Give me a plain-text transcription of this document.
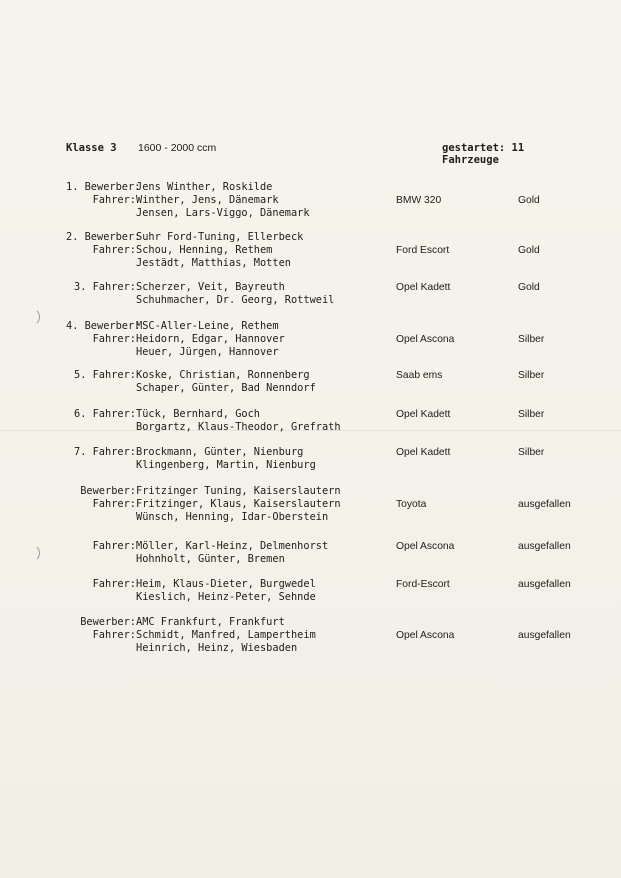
Klasse 3 1600 - 2000 ccm	gestartet: 11 Fahrzeuge
1. Bewerber:
Jens Winther, Roskilde
Fahrer: Winther, Jens, Dänemark	BMW 320	Gold
Jensen, Lars-Viggo, Dänemark
2. Bewerber:
Suhr Ford-Tuning, Ellerbeck
Fahrer: Schou, Henning, Rethem	Ford Escort	Gold
Jestädt, Matthias, Motten
3. Fahrer: Scherzer, Veit, Bayreuth	Opel Kadett	Gold
Schuhmacher, Dr. Georg, Rottweil
4. Bewerber:
MSC-Aller-Leine, Rethem
Fahrer: Heidorn, Edgar, Hannover	Opel Ascona	Silber
Heuer, Jürgen, Hannover
5. Fahrer: Koske, Christian, Ronnenberg	Saab ems	Silber
Schaper, Günter, Bad Nenndorf
6. Fahrer: Tück, Bernhard, Goch	Opel Kadett	Silber
Borgartz, Klaus-Theodor, Grefrath
7. Fahrer: Brockmann, Günter, Nienburg	Opel Kadett	Silber
Klingenberg, Martin, Nienburg
Bewerber: Fritzinger Tuning, Kaiserslautern
Fahrer: Fritzinger, Klaus, Kaiserslautern	Toyota	ausgefallen
Wünsch, Henning, Idar-Oberstein
Fahrer: Möller, Karl-Heinz, Delmenhorst	Opel Ascona	ausgefallen
Hohnholt, Günter, Bremen
Fahrer: Heim, Klaus-Dieter, Burgwedel	Ford-Escort	ausgefallen
Kieslich, Heinz-Peter, Sehnde
Bewerber: AMC Frankfurt, Frankfurt
Fahrer: Schmidt, Manfred, Lampertheim	Opel Ascona	ausgefallen
Heinrich, Heinz, Wiesbaden
